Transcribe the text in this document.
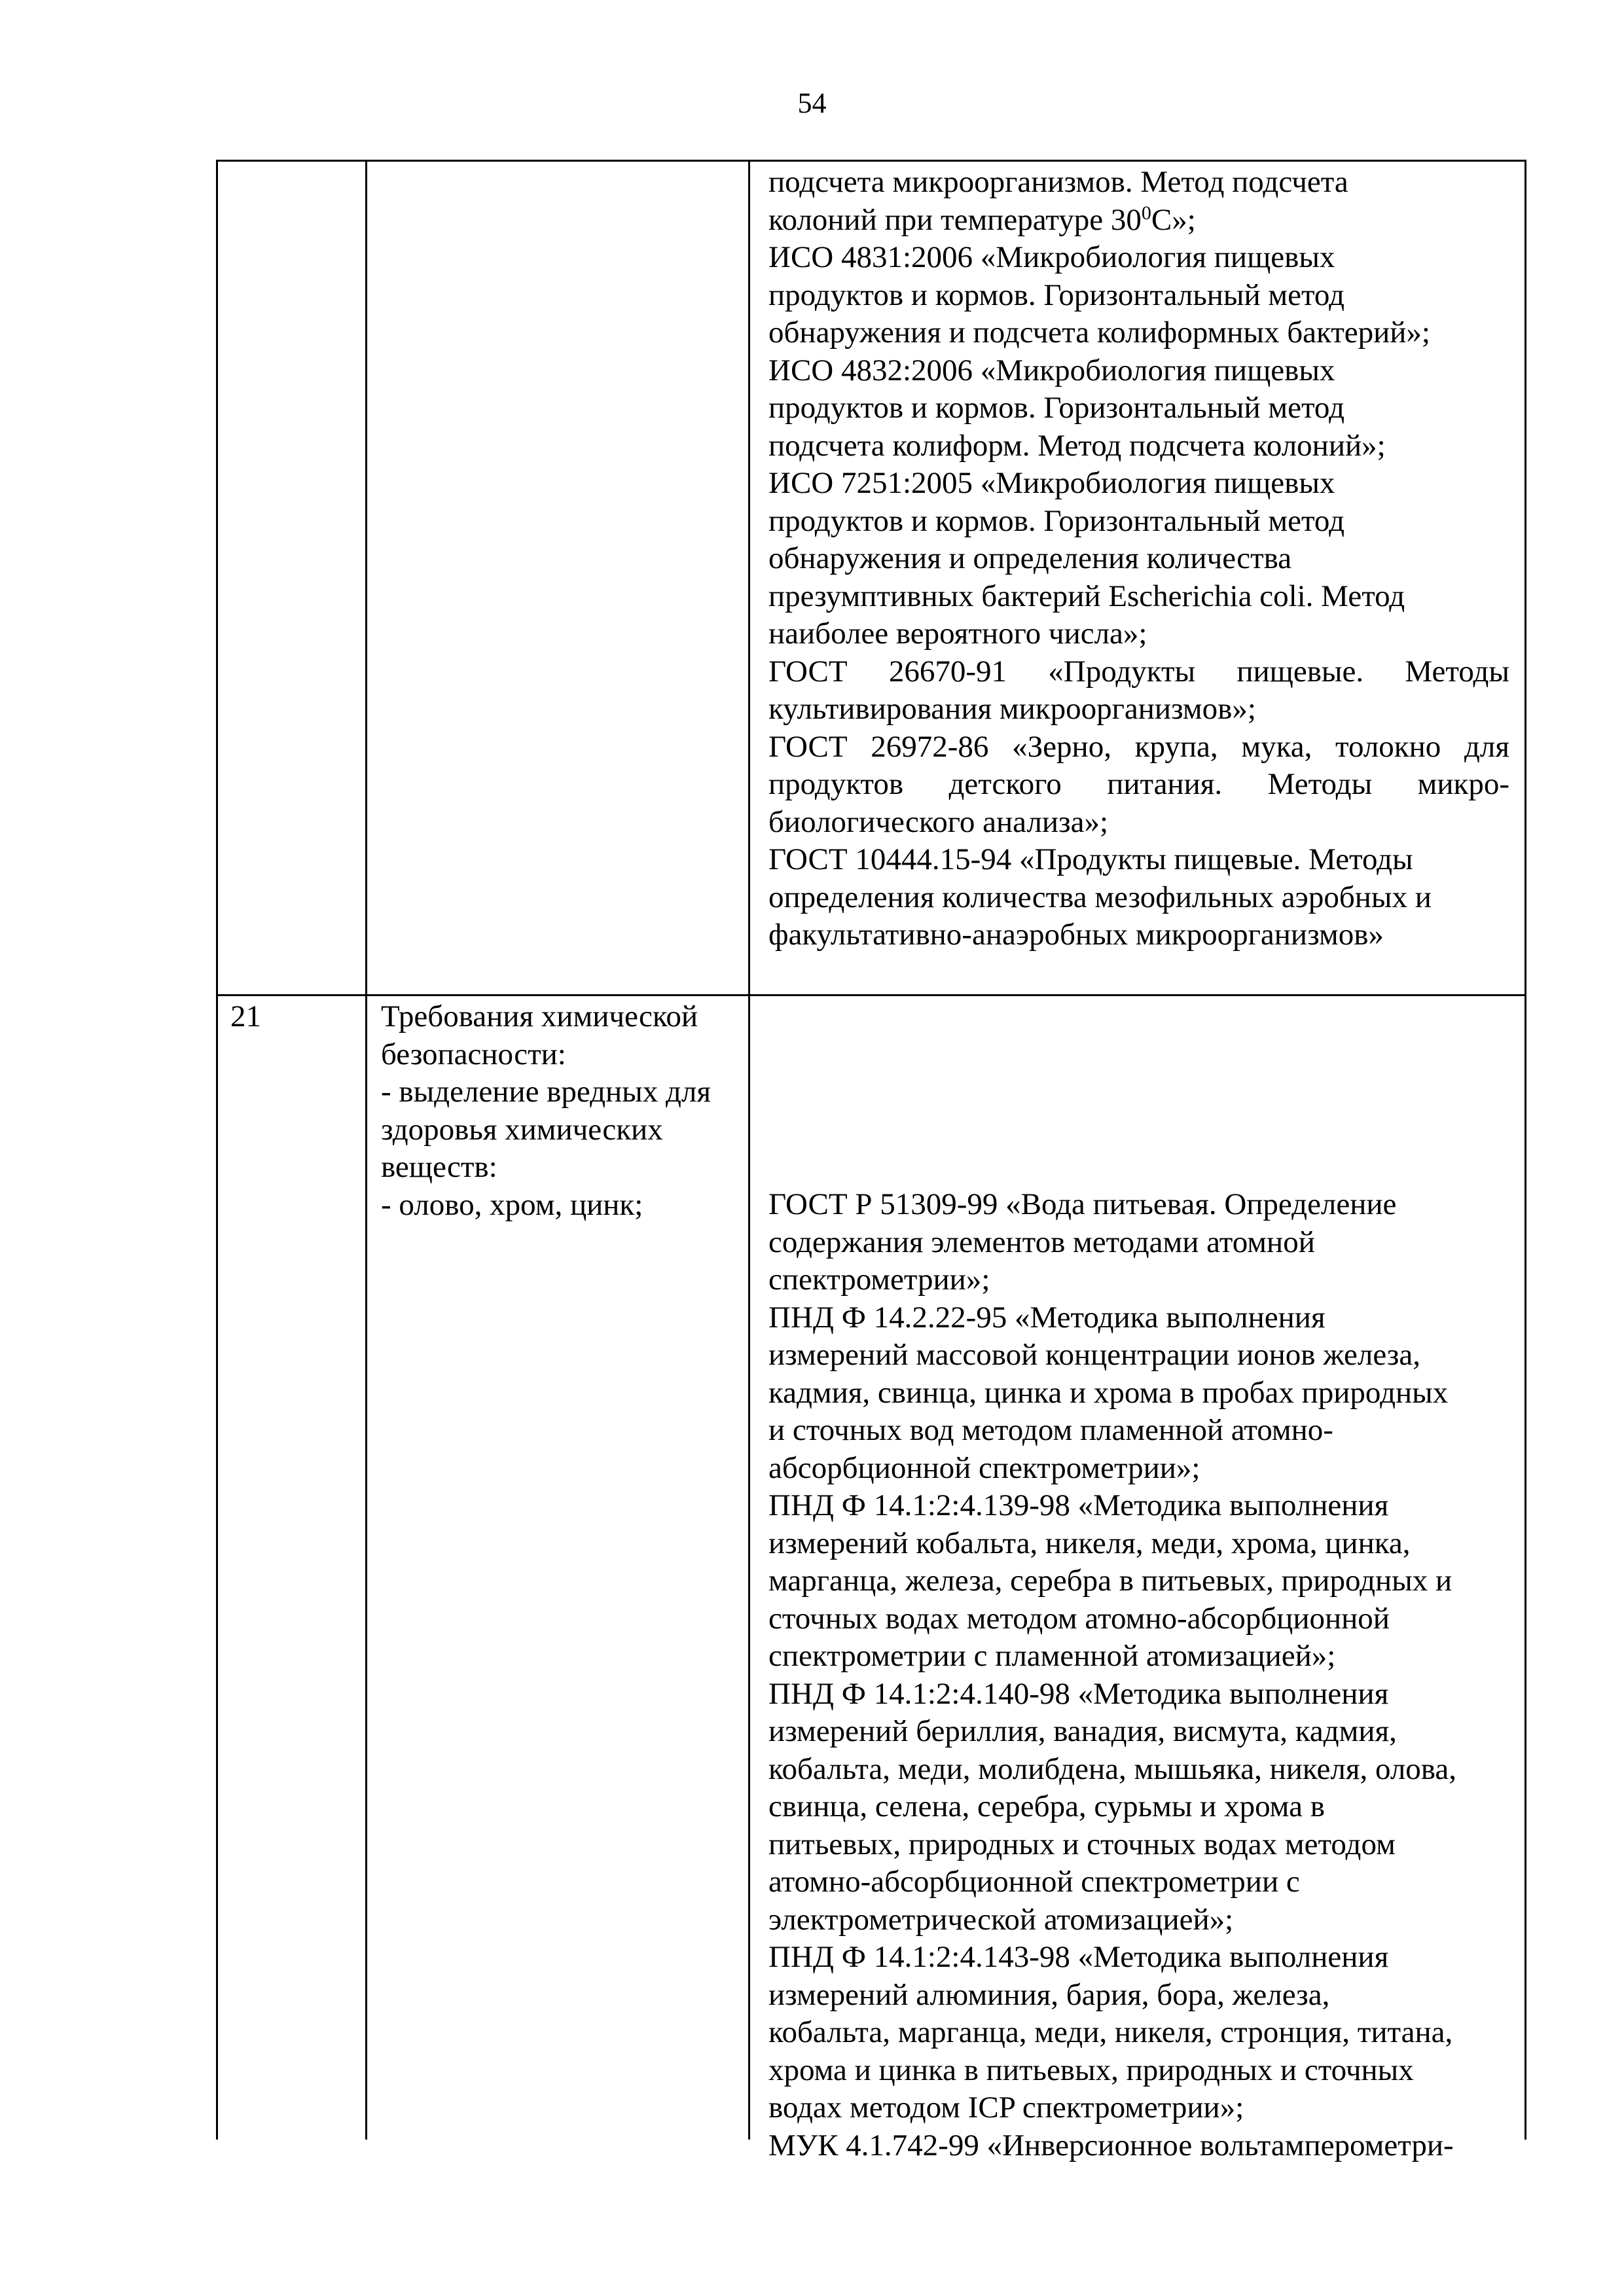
54
подсчета микроорганизмов. Метод подсчета
колоний при температуре $30^0С$»;
ИСО 4831:2006 «Микробиология пищевых
продуктов и кормов. Горизонтальный метод
обнаружения и подсчета колиформных бактерий»;
ИСО 4832:2006 «Микробиология пищевых
продуктов и кормов. Горизонтальный метод
подсчета колиформ. Метод подсчета колоний»;
ИСО 7251:2005 «Микробиология пищевых
продуктов и кормов. Горизонтальный метод
обнаружения и определения количества
презумптивных бактерий Escherichia coli. Метод
наиболее вероятного числа»;
ГОСТ 26670-91 «Продукты пищевые. Методы
культивирования микроорганизмов»;
ГОСТ 26972-86 «Зерно, крупа, мука, толокно для
продуктов детского питания. Методы микро-
биологического анализа»;
ГОСТ 10444.15-94 «Продукты пищевые. Методы
определения количества мезофильных аэробных и
факультативно-анаэробных микроорганизмов»
21	Требования химической
безопасности:
- выделение вредных для
здоровья химических
веществ:
- олово, хром, цинк;	ГОСТ Р 51309-99 «Вода питьевая. Определение
содержания элементов методами атомной
спектрометрии»;
ПНД Ф 14.2.22-95 «Методика выполнения
измерений массовой концентрации ионов железа,
кадмия, свинца, цинка и хрома в пробах природных
и сточных вод методом пламенной атомно-
абсорбционной спектрометрии»;
ПНД Ф 14.1:2:4.139-98 «Методика выполнения
измерений кобальта, никеля, меди, хрома, цинка,
марганца, железа, серебра в питьевых, природных и
сточных водах методом атомно-абсорбционной
спектрометрии с пламенной атомизацией»;
ПНД Ф 14.1:2:4.140-98 «Методика выполнения
измерений бериллия, ванадия, висмута, кадмия,
кобальта, меди, молибдена, мышьяка, никеля, олова,
свинца, селена, серебра, сурьмы и хрома в
питьевых, природных и сточных водах методом
атомно-абсорбционной спектрометрии с
электрометрической атомизацией»;
ПНД Ф 14.1:2:4.143-98 «Методика выполнения
измерений алюминия, бария, бора, железа,
кобальта, марганца, меди, никеля, стронция, титана,
хрома и цинка в питьевых, природных и сточных
водах методом ICP спектрометрии»;
МУК 4.1.742-99 «Инверсионное вольтамперометри-
